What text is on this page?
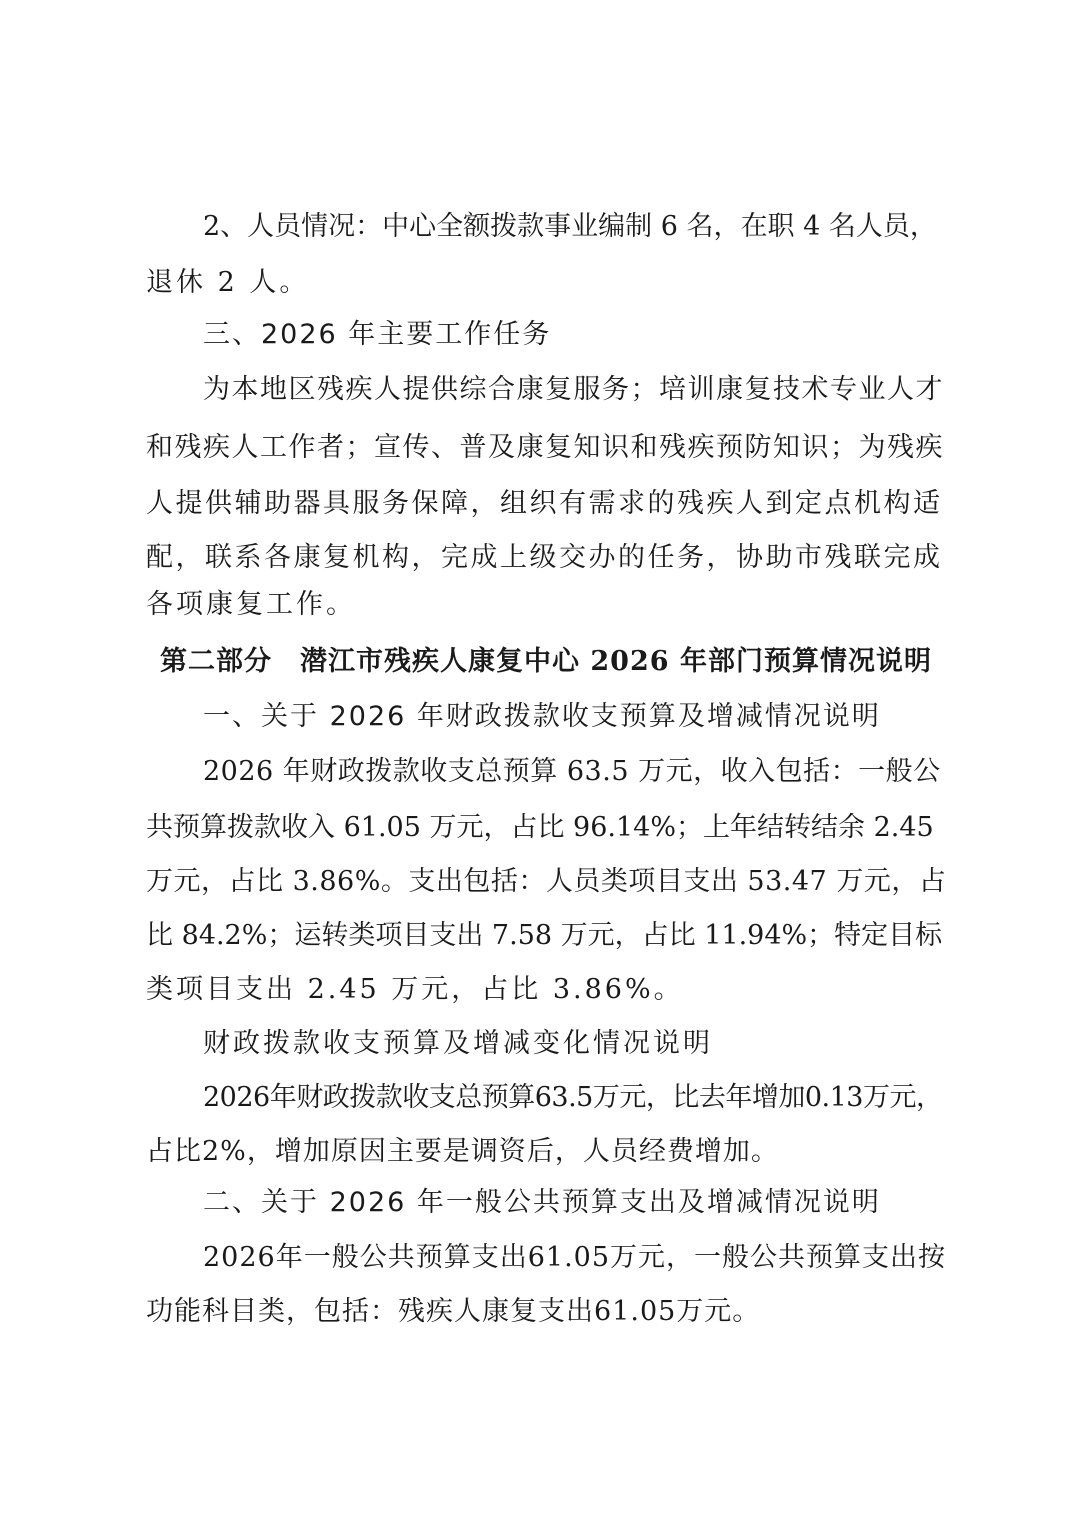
2、人员情况：中心全额拨款事业编制 6 名，在职 4 名人员，
退休 2 人。
三、2026 年主要工作任务
为本地区残疾人提供综合康复服务；培训康复技术专业人才
和残疾人工作者；宣传、普及康复知识和残疾预防知识；为残疾
人提供辅助器具服务保障，组织有需求的残疾人到定点机构适
配，联系各康复机构，完成上级交办的任务，协助市残联完成
各项康复工作。
第二部分 潜江市残疾人康复中心 2026 年部门预算情况说明
一、关于 2026 年财政拨款收支预算及增减情况说明
2026 年财政拨款收支总预算 63.5 万元，收入包括：一般公
共预算拨款收入 61.05 万元，占比 96.14%；上年结转结余 2.45
万元，占比 3.86%。支出包括：人员类项目支出 53.47 万元，占
比 84.2%；运转类项目支出 7.58 万元，占比 11.94%；特定目标
类项目支出 2.45 万元，占比 3.86%。
财政拨款收支预算及增减变化情况说明
2026年财政拨款收支总预算63.5万元，比去年增加0.13万元，
占比2%，增加原因主要是调资后，人员经费增加。
二、关于 2026 年一般公共预算支出及增减情况说明
2026年一般公共预算支出61.05万元，一般公共预算支出按
功能科目类，包括：残疾人康复支出61.05万元。
